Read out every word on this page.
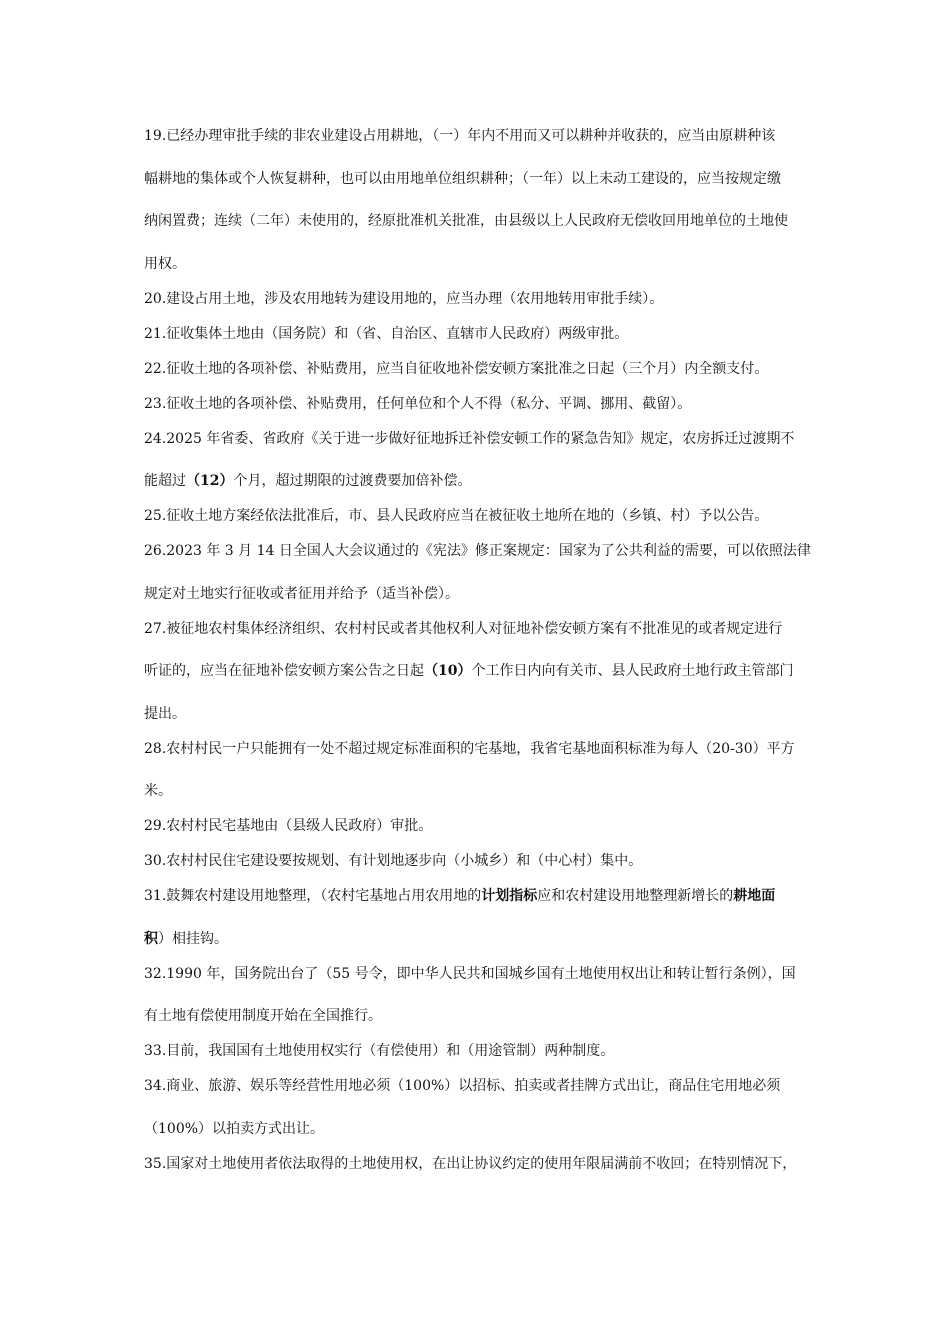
19.已经办理审批手续的非农业建设占用耕地，（一）年内不用而又可以耕种并收获的，应当由原耕种该
幅耕地的集体或个人恢复耕种，也可以由用地单位组织耕种；（一年）以上未动工建设的，应当按规定缴
纳闲置费；连续（二年）未使用的，经原批准机关批准，由县级以上人民政府无偿收回用地单位的土地使
用权。
20.建设占用土地，涉及农用地转为建设用地的，应当办理（农用地转用审批手续）。
21.征收集体土地由（国务院）和（省、自治区、直辖市人民政府）两级审批。
22.征收土地的各项补偿、补贴费用，应当自征收地补偿安顿方案批准之日起（三个月）内全额支付。
23.征收土地的各项补偿、补贴费用，任何单位和个人不得（私分、平调、挪用、截留）。
24.2025 年省委、省政府《关于进一步做好征地拆迁补偿安顿工作的紧急告知》规定，农房拆迁过渡期不
能超过（12）个月，超过期限的过渡费要加倍补偿。
25.征收土地方案经依法批准后，市、县人民政府应当在被征收土地所在地的（乡镇、村）予以公告。
26.2023 年 3 月 14 日全国人大会议通过的《宪法》修正案规定：国家为了公共利益的需要，可以依照法律
规定对土地实行征收或者征用并给予（适当补偿）。
27.被征地农村集体经济组织、农村村民或者其他权利人对征地补偿安顿方案有不批准见的或者规定进行
听证的，应当在征地补偿安顿方案公告之日起（10）个工作日内向有关市、县人民政府土地行政主管部门
提出。
28.农村村民一户只能拥有一处不超过规定标准面积的宅基地，我省宅基地面积标准为每人（20-30）平方
米。
29.农村村民宅基地由（县级人民政府）审批。
30.农村村民住宅建设要按规划、有计划地逐步向（小城乡）和（中心村）集中。
31.鼓舞农村建设用地整理，（农村宅基地占用农用地的计划指标应和农村建设用地整理新增长的耕地面
积）相挂钩。
32.1990 年，国务院出台了（55 号令，即中华人民共和国城乡国有土地使用权出让和转让暂行条例），国
有土地有偿使用制度开始在全国推行。
33.目前，我国国有土地使用权实行（有偿使用）和（用途管制）两种制度。
34.商业、旅游、娱乐等经营性用地必须（100%）以招标、拍卖或者挂牌方式出让，商品住宅用地必须
（100%）以拍卖方式出让。
35.国家对土地使用者依法取得的土地使用权，在出让协议约定的使用年限届满前不收回；在特别情况下，
